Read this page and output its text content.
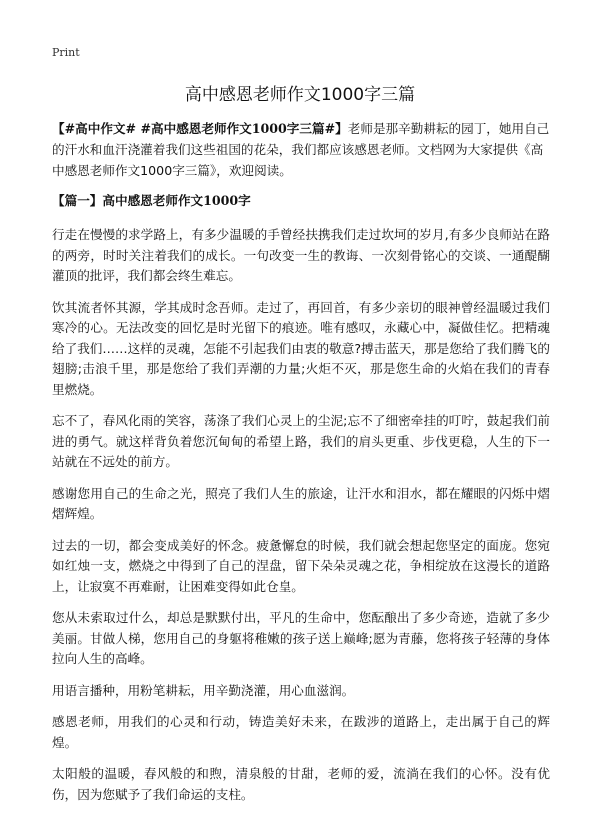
Print
高中感恩老师作文1000字三篇

【#高中作文# #高中感恩老师作文1000字三篇#】老师是那辛勤耕耘的园丁，她用自己的汗水和血汗浇灌着我们这些祖国的花朵，我们都应该感恩老师。文档网为大家提供《高中感恩老师作文1000字三篇》，欢迎阅读。

【篇一】高中感恩老师作文1000字

行走在慢慢的求学路上，有多少温暖的手曾经扶携我们走过坎坷的岁月,有多少良师站在路的两旁，时时关注着我们的成长。一句改变一生的教诲、一次刻骨铭心的交谈、一通醍醐灌顶的批评，我们都会终生难忘。

饮其流者怀其源，学其成时念吾师。走过了，再回首，有多少亲切的眼神曾经温暖过我们寒冷的心。无法改变的回忆是时光留下的痕迹。唯有感叹，永藏心中，凝做佳忆。把精魂给了我们……这样的灵魂，怎能不引起我们由衷的敬意?搏击蓝天，那是您给了我们腾飞的翅膀;击浪千里，那是您给了我们弄潮的力量;火炬不灭，那是您生命的火焰在我们的青春里燃烧。

忘不了，春风化雨的笑容，荡涤了我们心灵上的尘泥;忘不了细密牵挂的叮咛，鼓起我们前进的勇气。就这样背负着您沉甸甸的希望上路，我们的肩头更重、步伐更稳，人生的下一站就在不远处的前方。

感谢您用自己的生命之光，照亮了我们人生的旅途，让汗水和泪水，都在耀眼的闪烁中熠熠辉煌。

过去的一切，都会变成美好的怀念。疲惫懈怠的时候，我们就会想起您坚定的面庞。您宛如红烛一支，燃烧之中得到了自己的涅盘，留下朵朵灵魂之花，争相绽放在这漫长的道路上，让寂寞不再难耐，让困难变得如此仓皇。

您从未索取过什么，却总是默默付出，平凡的生命中，您酝酿出了多少奇迹，造就了多少美丽。甘做人梯，您用自己的身躯将稚嫩的孩子送上巅峰;愿为青藤，您将孩子轻薄的身体拉向人生的高峰。

用语言播种，用粉笔耕耘，用辛勤浇灌，用心血滋润。

感恩老师，用我们的心灵和行动，铸造美好未来，在跋涉的道路上，走出属于自己的辉煌。

太阳般的温暖，春风般的和煦，清泉般的甘甜，老师的爱，流淌在我们的心怀。没有优伤，因为您赋予了我们命运的支柱。
